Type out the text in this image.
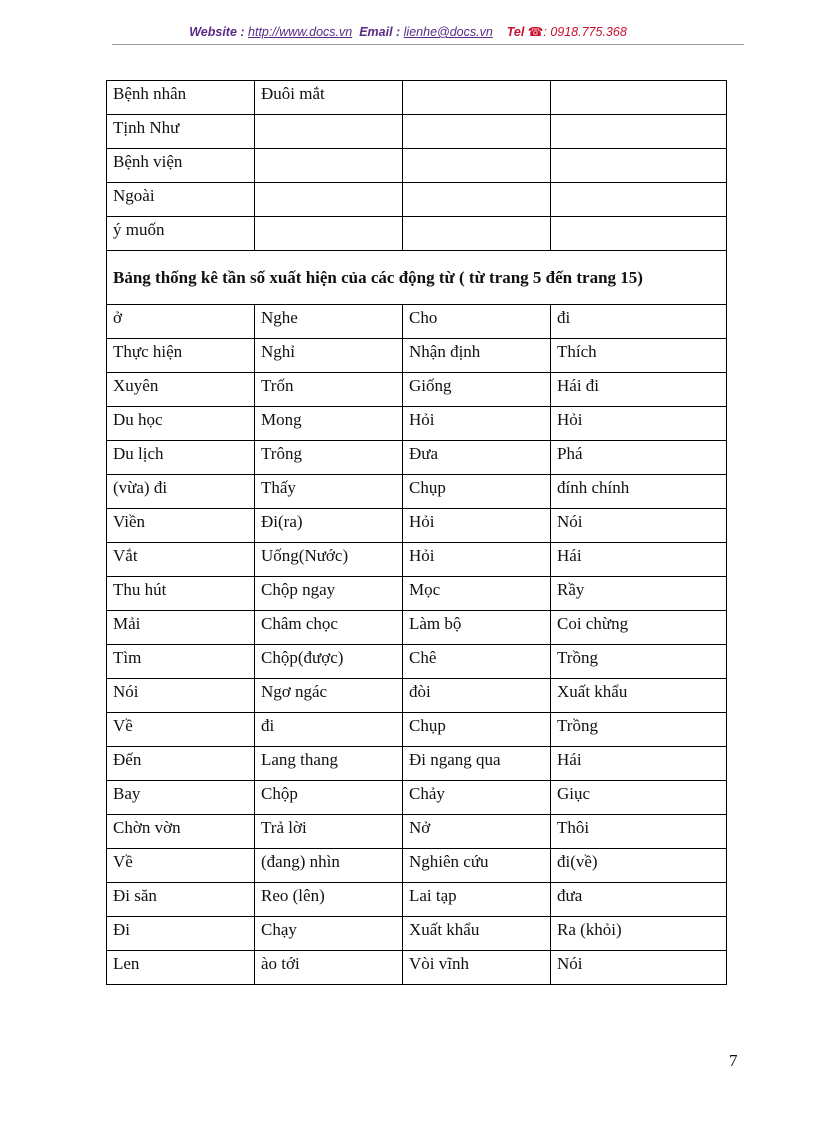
Website : http://www.docs.vn Email : lienhe@docs.vn Tel ☎: 0918.775.368
Bệnh nhân	Đuôi mắt		
Tịnh Như			
Bệnh viện			
Ngoài			
ý muốn			
Bảng thống kê tần số xuất hiện của các động từ ( từ trang 5 đến trang 15)			
ở	Nghe	Cho	đi
Thực hiện	Nghỉ	Nhận định	Thích
Xuyên	Trốn	Giống	Hái đi
Du học	Mong	Hỏi	Hỏi
Du lịch	Trông	Đưa	Phá
(vừa) đi	Thấy	Chụp	đính chính
Viền	Đi(ra)	Hỏi	Nói
Vắt	Uống(Nước)	Hỏi	Hái
Thu hút	Chộp ngay	Mọc	Rầy
Mải	Châm chọc	Làm bộ	Coi chừng
Tìm	Chộp(được)	Chê	Trồng
Nói	Ngơ ngác	đòi	Xuất khẩu
Về	đi	Chụp	Trồng
Đến	Lang thang	Đi ngang qua	Hái
Bay	Chộp	Chảy	Giục
Chờn vờn	Trả lời	Nở	Thôi
Về	(đang) nhìn	Nghiên cứu	đi(về)
Đi săn	Reo (lên)	Lai tạp	đưa
Đi	Chạy	Xuất khẩu	Ra (khỏi)
Len	ào tới	Vòi vĩnh	Nói
7
